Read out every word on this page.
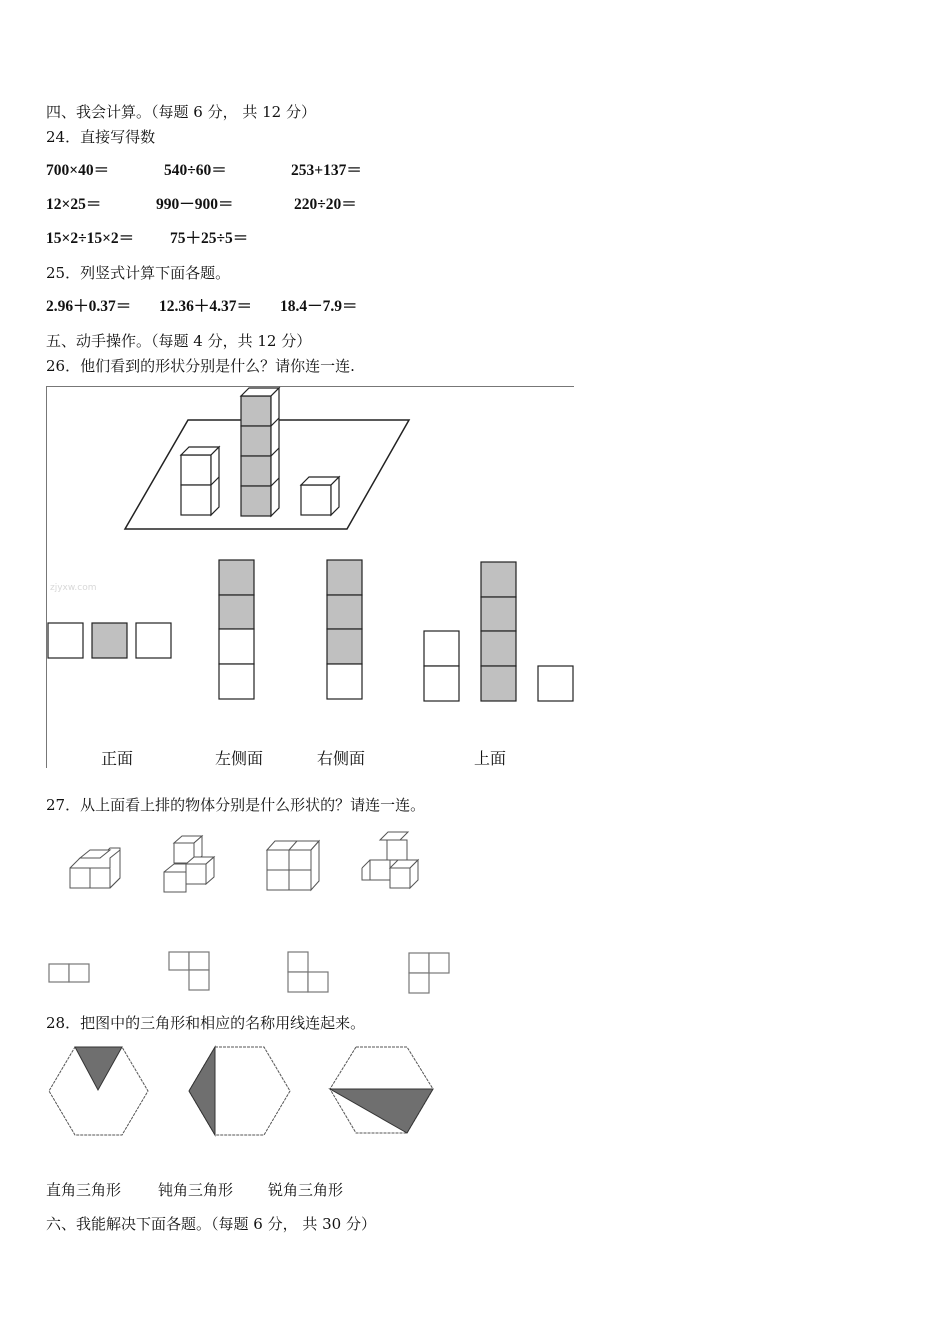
四、我会计算。（每题 6 分， 共 12 分）
24．直接写得数
700×40＝	540÷60＝	253+137＝
12×25＝	990－900＝	220÷20＝
15×2÷15×2＝ 75＋25÷5＝
25．列竖式计算下面各题。
2.96＋0.37＝ 12.36＋4.37＝ 18.4－7.9＝
五、动手操作。（每题 4 分，共 12 分）
26．他们看到的形状分别是什么？请你连一连.
zjyxw.com
正面	左侧面	右侧面	上面
27．从上面看上排的物体分别是什么形状的？请连一连。
28．把图中的三角形和相应的名称用线连起来。
直角三角形 钝角三角形 锐角三角形
六、我能解决下面各题。（每题 6 分， 共 30 分）
